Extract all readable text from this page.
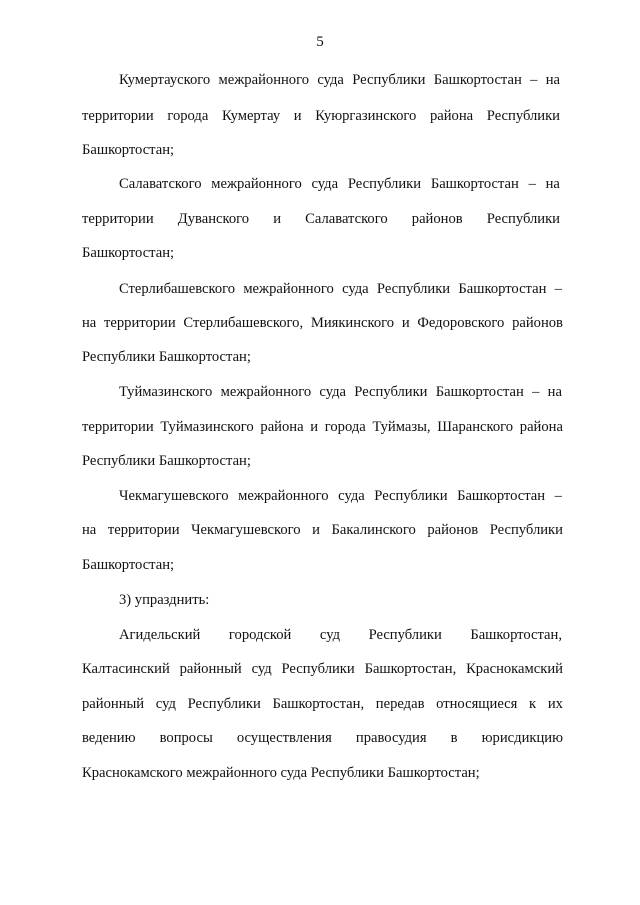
5

Кумертауского межрайонного суда Республики Башкортостан – на

территории города Кумертау и Куюргазинского района Республики

Башкортостан;

Салаватского межрайонного суда Республики Башкортостан – на

территории Дуванского и Салаватского районов Республики

Башкортостан;

Стерлибашевского межрайонного суда Республики Башкортостан –

на территории Стерлибашевского, Миякинского и Федоровского районов

Республики Башкортостан;

Туймазинского межрайонного суда Республики Башкортостан – на

территории Туймазинского района и города Туймазы, Шаранского района

Республики Башкортостан;

Чекмагушевского межрайонного суда Республики Башкортостан –

на территории Чекмагушевского и Бакалинского районов Республики

Башкортостан;

3) упразднить:

Агидельский городской суд Республики Башкортостан,

Калтасинский районный суд Республики Башкортостан, Краснокамский

районный суд Республики Башкортостан, передав относящиеся к их

ведению вопросы осуществления правосудия в юрисдикцию

Краснокамского межрайонного суда Республики Башкортостан;
